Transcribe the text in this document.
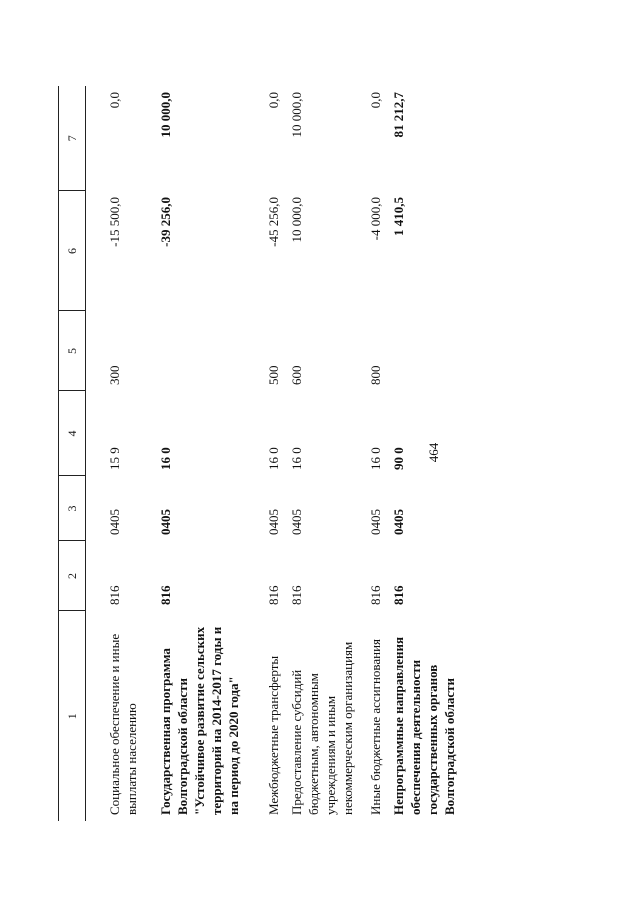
464
1	2	3	4	5	6	7
Социальное обеспечение и иные выплаты населению	816	0405	15 9	300	-15 500,0	0,0
Государственная программа Волгоградской области "Устойчивое развитие сельских территорий на 2014-2017 годы и на период до 2020 года"	816	0405	16 0		-39 256,0	10 000,0
Межбюджетные трансферты	816	0405	16 0	500	-45 256,0	0,0
Предоставление субсидий бюджетным, автономным учреждениям и иным некоммерческим организациям	816	0405	16 0	600	10 000,0	10 000,0
Иные бюджетные ассигнования	816	0405	16 0	800	-4 000,0	0,0
Непрограммные направления обеспечения деятельности государственных органов Волгоградской области	816	0405	90 0		1 410,5	81 212,7
